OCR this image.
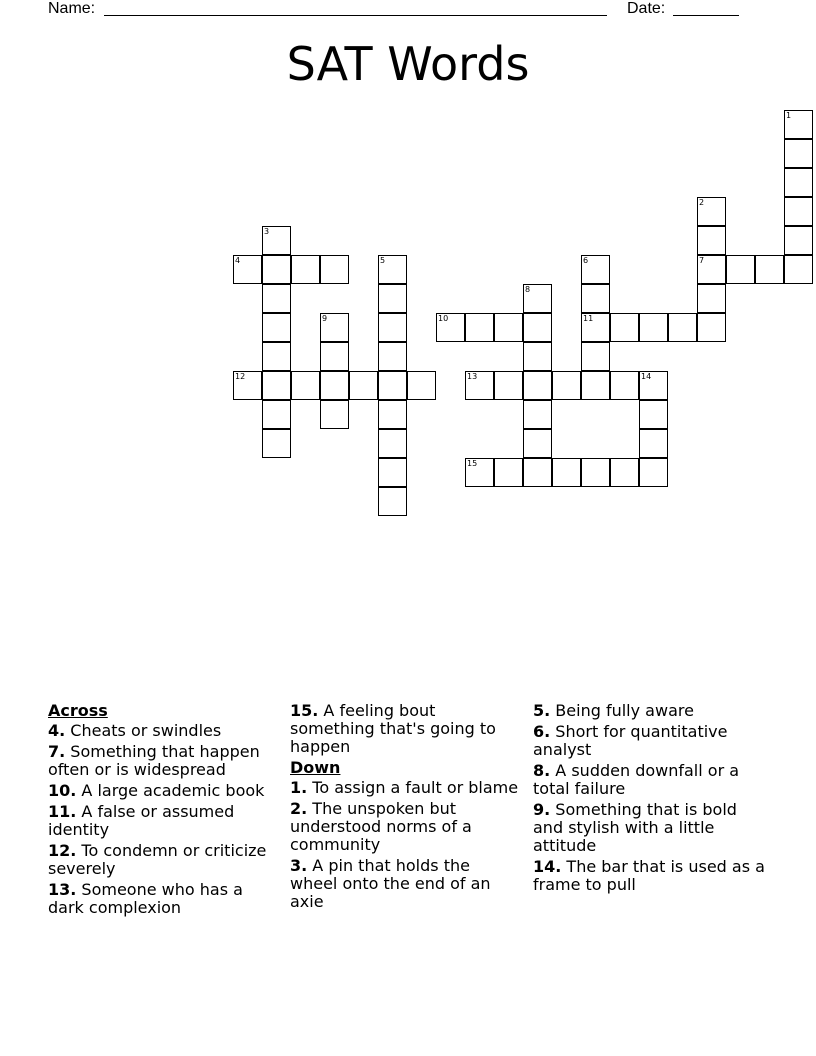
Name:	Date:
SAT Words
1
2
7
3
4	5	6
11
8
9	10
12	13	14
15
Across
4. Cheats or swindles
7. Something that happen often or is widespread
10. A large academic book
11. A false or assumed identity
12. To condemn or criticize severely
13. Someone who has a dark complexion
15. A feeling bout something that's going to happen
Down
1. To assign a fault or blame
2. The unspoken but understood norms of a community
3. A pin that holds the wheel onto the end of an axie
5. Being fully aware
6. Short for quantitative analyst
8. A sudden downfall or a total failure
9. Something that is bold and stylish with a little attitude
14. The bar that is used as a frame to pull
